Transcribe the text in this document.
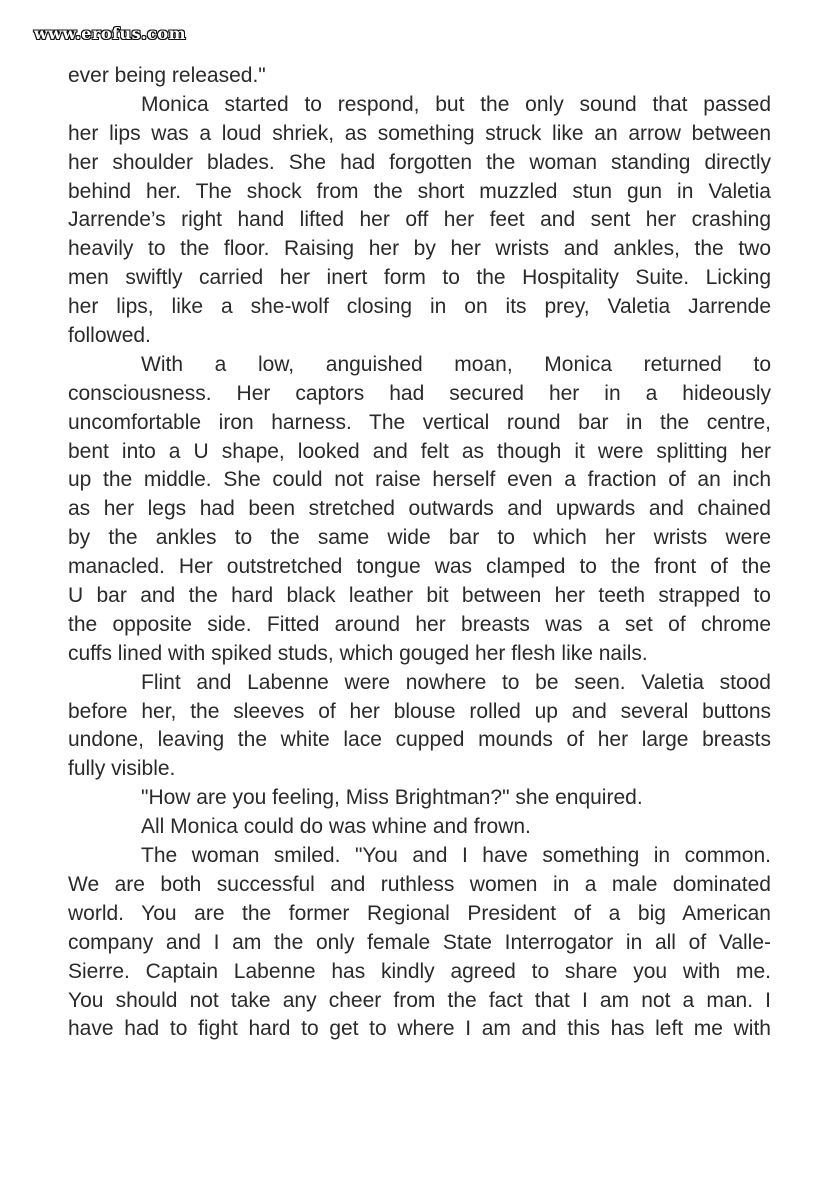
www.erofus.com
ever being released."
Monica started to respond, but the only sound that passed
her lips was a loud shriek, as something struck like an arrow between
her shoulder blades. She had forgotten the woman standing directly
behind her. The shock from the short muzzled stun gun in Valetia
Jarrende’s right hand lifted her off her feet and sent her crashing
heavily to the floor. Raising her by her wrists and ankles, the two
men swiftly carried her inert form to the Hospitality Suite. Licking
her lips, like a she-wolf closing in on its prey, Valetia Jarrende
followed.
With a low, anguished moan, Monica returned to
consciousness. Her captors had secured her in a hideously
uncomfortable iron harness. The vertical round bar in the centre,
bent into a U shape, looked and felt as though it were splitting her
up the middle. She could not raise herself even a fraction of an inch
as her legs had been stretched outwards and upwards and chained
by the ankles to the same wide bar to which her wrists were
manacled. Her outstretched tongue was clamped to the front of the
U bar and the hard black leather bit between her teeth strapped to
the opposite side. Fitted around her breasts was a set of chrome
cuffs lined with spiked studs, which gouged her flesh like nails.
Flint and Labenne were nowhere to be seen. Valetia stood
before her, the sleeves of her blouse rolled up and several buttons
undone, leaving the white lace cupped mounds of her large breasts
fully visible.
"How are you feeling, Miss Brightman?" she enquired.
All Monica could do was whine and frown.
The woman smiled. "You and I have something in common.
We are both successful and ruthless women in a male dominated
world. You are the former Regional President of a big American
company and I am the only female State Interrogator in all of Valle-
Sierre. Captain Labenne has kindly agreed to share you with me.
You should not take any cheer from the fact that I am not a man. I
have had to fight hard to get to where I am and this has left me with
